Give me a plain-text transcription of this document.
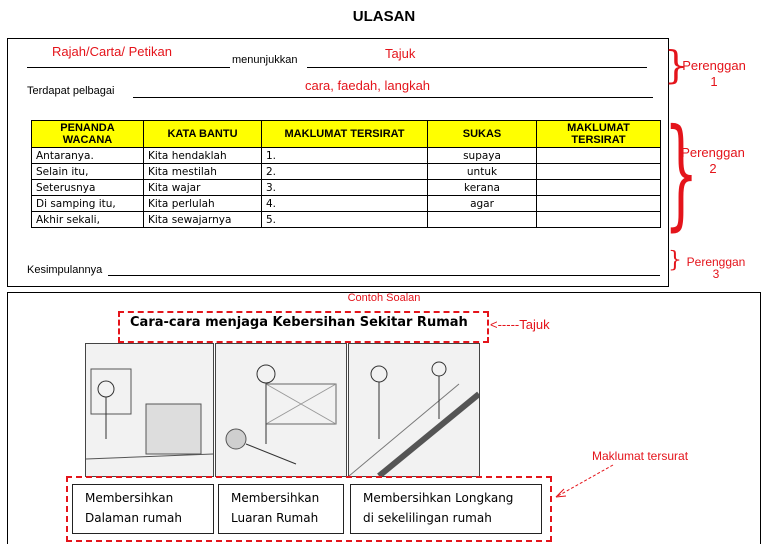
ULASAN
Rajah/Carta/ Petikan
menunjukkan	Tajuk
Terdapat pelbagai	cara, faedah, langkah
PENANDA WACANA	KATA BANTU	MAKLUMAT TERSIRAT	SUKAS	MAKLUMAT TERSIRAT
Antaranya.	Kita hendaklah	1.	supaya	
Selain itu,	Kita mestilah	2.	untuk	
Seterusnya	Kita wajar	3.	kerana	
Di samping itu,	Kita perlulah	4.	agar	
Akhir sekali,	Kita sewajarnya	5.		
Kesimpulannya
}
Perenggan
1
}
Perenggan
2
} Perenggan
3
Contoh Soalan
Cara-cara menjaga Kebersihan Sekitar Rumah <-----Tajuk
Maklumat tersurat
Membersihkan
Dalaman rumah
Membersihkan
Luaran Rumah
Membersihkan Longkang
di sekelilingan rumah
